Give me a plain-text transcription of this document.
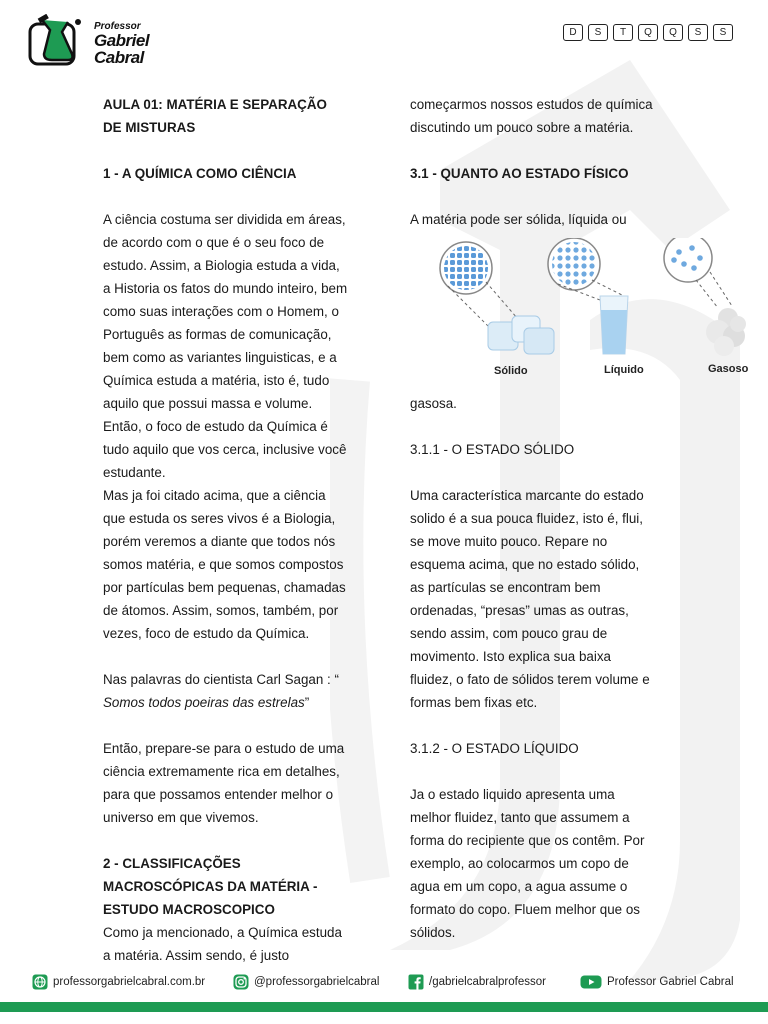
Professor
Gabriel
Cabral
D	S	T	Q	Q	S	S

AULA 01: MATÉRIA E SEPARAÇÃO

DE MISTURAS

1 - A QUÍMICA COMO CIÊNCIA

A ciência costuma ser dividida em áreas,

de acordo com o que é o seu foco de

estudo. Assim, a Biologia estuda a vida,

a Historia os fatos do mundo inteiro, bem

como suas interações com o Homem, o

Português as formas de comunicação,

bem como as variantes linguisticas, e a

Química estuda a matéria, isto é, tudo

aquilo que possui massa e volume.

Então, o foco de estudo da Química é

tudo aquilo que vos cerca, inclusive você

estudante.

Mas ja foi citado acima, que a ciência

que estuda os seres vivos é a Biologia,

porém veremos a diante que todos nós

somos matéria, e que somos compostos

por partículas bem pequenas, chamadas

de átomos. Assim, somos, também, por

vezes, foco de estudo da Química.

Nas palavras do cientista Carl Sagan : “

Somos todos poeiras das estrelas”

Então, prepare-se para o estudo de uma

ciência extremamente rica em detalhes,

para que possamos entender melhor o

universo em que vivemos.

2 - CLASSIFICAÇÕES

MACROSCÓPICAS DA MATÉRIA -

ESTUDO MACROSCOPICO

Como ja mencionado, a Química estuda

a matéria. Assim sendo, é justo

começarmos nossos estudos de química

discutindo um pouco sobre a matéria.

3.1 - QUANTO AO ESTADO FÍSICO

A matéria pode ser sólida, líquida ou

Sólido	Líquido	Gasoso

gasosa.

3.1.1 - O ESTADO SÓLIDO

Uma característica marcante do estado

solido é a sua pouca fluidez, isto é, flui,

se move muito pouco. Repare no

esquema acima, que no estado sólido,

as partículas se encontram bem

ordenadas, “presas” umas as outras,

sendo assim, com pouco grau de

movimento. Isto explica sua baixa

fluidez, o fato de sólidos terem volume e

formas bem fixas etc.

3.1.2 - O ESTADO LÍQUIDO

Ja o estado liquido apresenta uma

melhor fluidez, tanto que assumem a

forma do recipiente que os contêm. Por

exemplo, ao colocarmos um copo de

agua em um copo, a agua assume o

formato do copo. Fluem melhor que os

sólidos.

professorgabrielcabral.com.br	@professorgabrielcabral	/gabrielcabralprofessor	Professor Gabriel Cabral
